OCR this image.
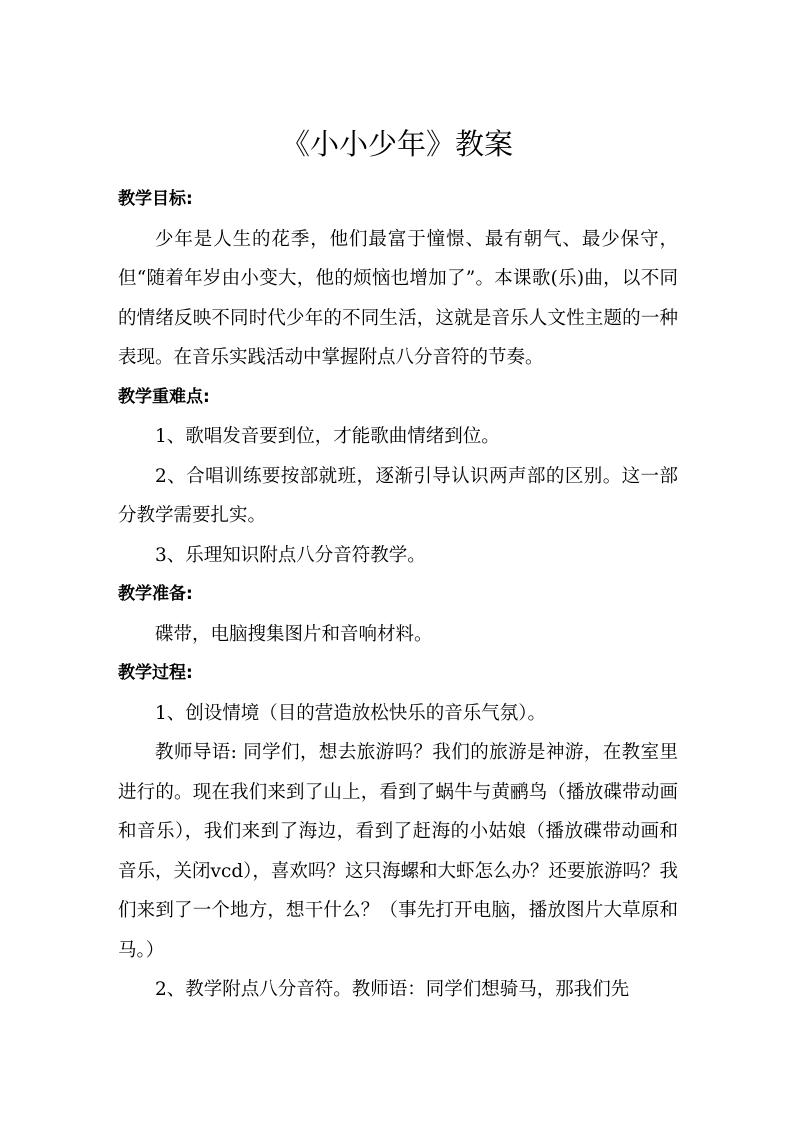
《小小少年》教案

教学目标:

少年是人生的花季，他们最富于憧憬、最有朝气、最少保守，但“随着年岁由小变大，他的烦恼也增加了”。本课歌(乐)曲，以不同的情绪反映不同时代少年的不同生活，这就是音乐人文性主题的一种表现。在音乐实践活动中掌握附点八分音符的节奏。

教学重难点:

1、歌唱发音要到位，才能歌曲情绪到位。

2、合唱训练要按部就班，逐渐引导认识两声部的区别。这一部分教学需要扎实。

3、乐理知识附点八分音符教学。

教学准备:

碟带，电脑搜集图片和音响材料。

教学过程:

1、创设情境（目的营造放松快乐的音乐气氛）。

教师导语: 同学们，想去旅游吗？我们的旅游是神游，在教室里进行的。现在我们来到了山上，看到了蜗牛与黄鹂鸟（播放碟带动画和音乐），我们来到了海边，看到了赶海的小姑娘（播放碟带动画和音乐，关闭vcd），喜欢吗？这只海螺和大虾怎么办？还要旅游吗？我们来到了一个地方，想干什么？（事先打开电脑，播放图片大草原和马。）

2、教学附点八分音符。教师语：同学们想骑马，那我们先
